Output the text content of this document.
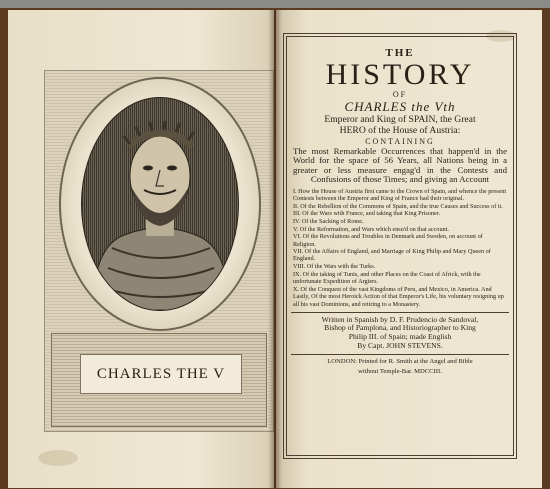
CHARLES THE V
THE
HISTORY
OF
CHARLES the Vth
Emperor and King of SPAIN, the Great
HERO of the House of Austria:
CONTAINING
The most Remarkable Occurrences that happen'd in the World for the space of 56 Years, all Nations being in a greater or less measure engag'd in the Contests and Confusions of those Times; and giving an Account
I. How the House of Austria first came to the Crown of Spain, and whence the present Contests between the Emperor and King of France had their original.
II. Of the Rebellion of the Commons of Spain, and the true Causes and Success of it.
III. Of the Wars with France, and taking that King Prisoner.
IV. Of the Sacking of Rome.
V. Of the Reformation, and Wars which ensu'd on that account.
VI. Of the Revolutions and Troubles in Denmark and Sweden, on account of Religion.
VII. Of the Affairs of England, and Marriage of King Philip and Mary Queen of England.
VIII. Of the Wars with the Turks.
IX. Of the taking of Tunis, and other Places on the Coast of Africk, with the unfortunate Expedition of Argiers.
X. Of the Conquest of the vast Kingdoms of Peru, and Mexico, in America. And
Lastly, Of the most Heroick Action of that Emperor's Life, his voluntary resigning up all his vast Dominions, and retiring to a Monastery.
Written in Spanish by D. F. Prudencio de Sandoval,
Bishop of Pamplona, and Historiographer to King
Philip III. of Spain; made English
By Capt. JOHN STEVENS.
LONDON: Printed for R. Smith at the Angel and Bible
without Temple-Bar. MDCCIII.
